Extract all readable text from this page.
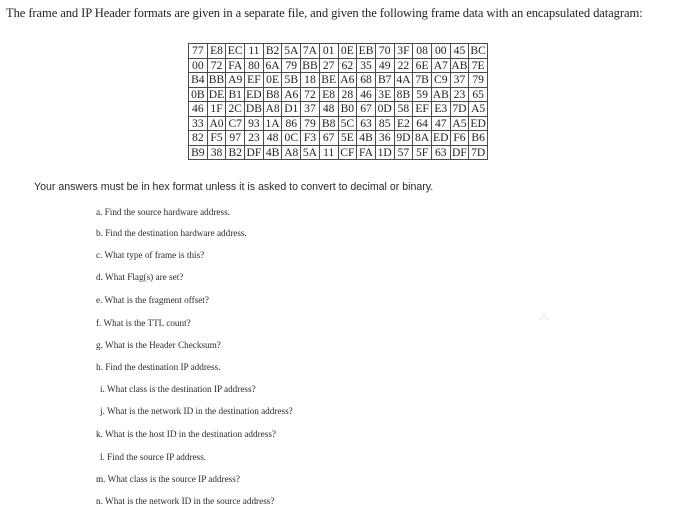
The frame and IP Header formats are given in a separate file, and given the following frame data with an encapsulated datagram:
77	E8	EC	11	B2	5A	7A	01	0E	EB	70	3F	08	00	45	BC
00	72	FA	80	6A	79	BB	27	62	35	49	22	6E	A7	AB	7E
B4	BB	A9	EF	0E	5B	18	BE	A6	68	B7	4A	7B	C9	37	79
0B	DE	B1	ED	B8	A6	72	E8	28	46	3E	8B	59	AB	23	65
46	1F	2C	DB	A8	D1	37	48	B0	67	0D	58	EF	E3	7D	A5
33	A0	C7	93	1A	86	79	B8	5C	63	85	E2	64	47	A5	ED
82	F5	97	23	48	0C	F3	67	5E	4B	36	9D	8A	ED	F6	B6
B9	38	B2	DF	4B	A8	5A	11	CF	FA	1D	57	5F	63	DF	7D
Your answers must be in hex format unless it is asked to convert to decimal or binary.
a. Find the source hardware address.
b. Find the destination hardware address.
c. What type of frame is this?
d. What Flag(s) are set?
e. What is the fragment offset?
f. What is the TTL count?
g. What is the Header Checksum?
h. Find the destination IP address.
i. What class is the destination IP address?
j. What is the network ID in the destination address?
k. What is the host ID in the destination address?
l. Find the source IP address.
m. What class is the source IP address?
n. What is the network ID in the source address?
